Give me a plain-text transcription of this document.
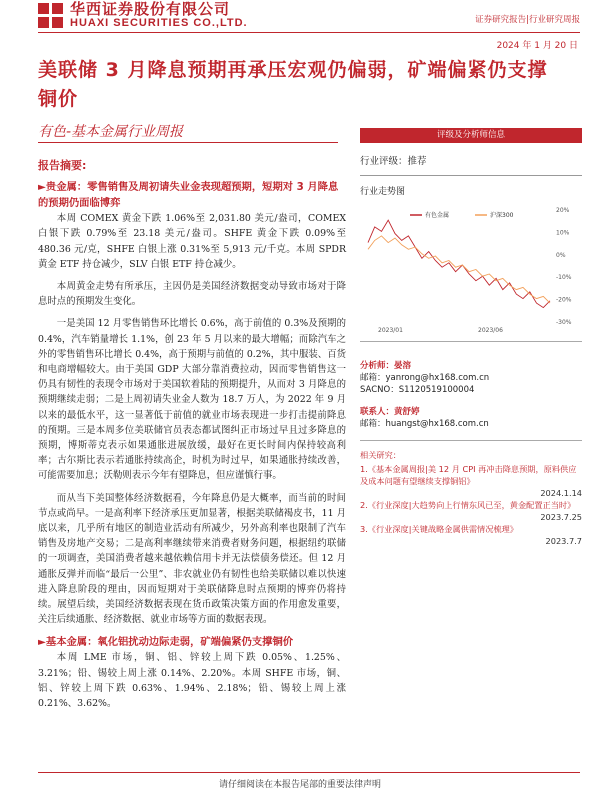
华西证券股份有限公司
HUAXI SECURITIES CO.,LTD.	证券研究报告|行业研究周报
2024 年 1 月 20 日
美联储 3 月降息预期再承压宏观仍偏弱，矿端偏紧仍支撑铜价
有色-基本金属行业周报
报告摘要:
►贵金属：零售销售及周初请失业金表现超预期，短期对 3 月降息的预期仍面临博弈

本周 COMEX 黄金下跌 1.06%至 2,031.80 美元/盎司，COMEX 白银下跌 0.79%至 23.18 美元/盎司。SHFE 黄金下跌 0.09%至 480.36 元/克，SHFE 白银上涨 0.31%至 5,913 元/千克。本周 SPDR 黄金 ETF 持仓减少，SLV 白银 ETF 持仓减少。

本周黄金走势有所承压，主因仍是美国经济数据变动导致市场对于降息时点的预期发生变化。

一是美国 12 月零售销售环比增长 0.6%，高于前值的 0.3%及预期的 0.4%，汽车销量增长 1.1%，创 23 年 5 月以来的最大增幅；而除汽车之外的零售销售环比增长 0.4%，高于预期与前值的 0.2%，其中服装、百货和电商增幅较大。由于美国 GDP 大部分靠消费拉动，因而零售销售这一仍具有韧性的表现令市场对于美国软着陆的预期提升，从而对 3 月降息的预期继续走弱；二是上周初请失业金人数为 18.7 万人，为 2022 年 9 月以来的最低水平，这一显著低于前值的就业市场表现进一步打击提前降息的预期。三是本周多位美联储官员表态都试图纠正市场过早且过多降息的预期，博斯蒂克表示如果通胀进展放缓，最好在更长时间内保持较高利率；古尔斯比表示若通胀持续高企，时机为时过早，如果通胀持续改善，可能需要加息；沃勒则表示今年有望降息，但应谨慎行事。

而从当下美国整体经济数据看，今年降息仍是大概率，而当前的时间节点或尚早。一是高利率下经济承压更加显著，根据美联储褐皮书，11 月底以来，几乎所有地区的制造业活动有所减少，另外高利率也限制了汽车销售及房地产交易；二是高利率继续带来消费者财务问题，根据纽约联储的一项调查，美国消费者越来越依赖信用卡并无法偿债务偿还。但 12 月通胀反弹并而临“最后一公里”、非农就业仍有韧性也给美联储以难以快速进入降息阶段的理由，因而短期对于美联储降息时点预期的博弈仍将持续。展望后续，美国经济数据表现在货币政策决策方面的作用愈发重要，关注后续通胀、经济数据、就业市场等方面的数据表现。

►基本金属：氧化铝扰动边际走弱，矿端偏紧仍支撑铜价

本周 LME 市场，铜、铝、锌较上周下跌 0.05%、1.25%、3.21%；铅、锡较上周上涨 0.14%、2.20%。本周 SHFE 市场，铜、铝、锌较上周下跌 0.63%、1.94%、2.18%；铅、锡较上周上涨 0.21%、3.62%。

评级及分析师信息
行业评级：推荐
行业走势图
20%
10%
0%
-10%
-20%
-30%
2023/01	2023/06
有色金属	沪深300
分析师：晏溶
邮箱：yanrong@hx168.com.cn
SACNO：S1120519100004
联系人：黄舒婷
邮箱：huangst@hx168.com.cn
相关研究：
1.《基本金属周报|美 12 月 CPI 再冲击降息预期，原料供应及成本问题有望继续支撑铜铝》
2024.1.14
2.《行业深度|大趋势向上行情东风已至，黄金配置正当时》
2023.7.25
3.《行业深度|关键战略金属供需情况梳理》
2023.7.7
请仔细阅读在本报告尾部的重要法律声明
